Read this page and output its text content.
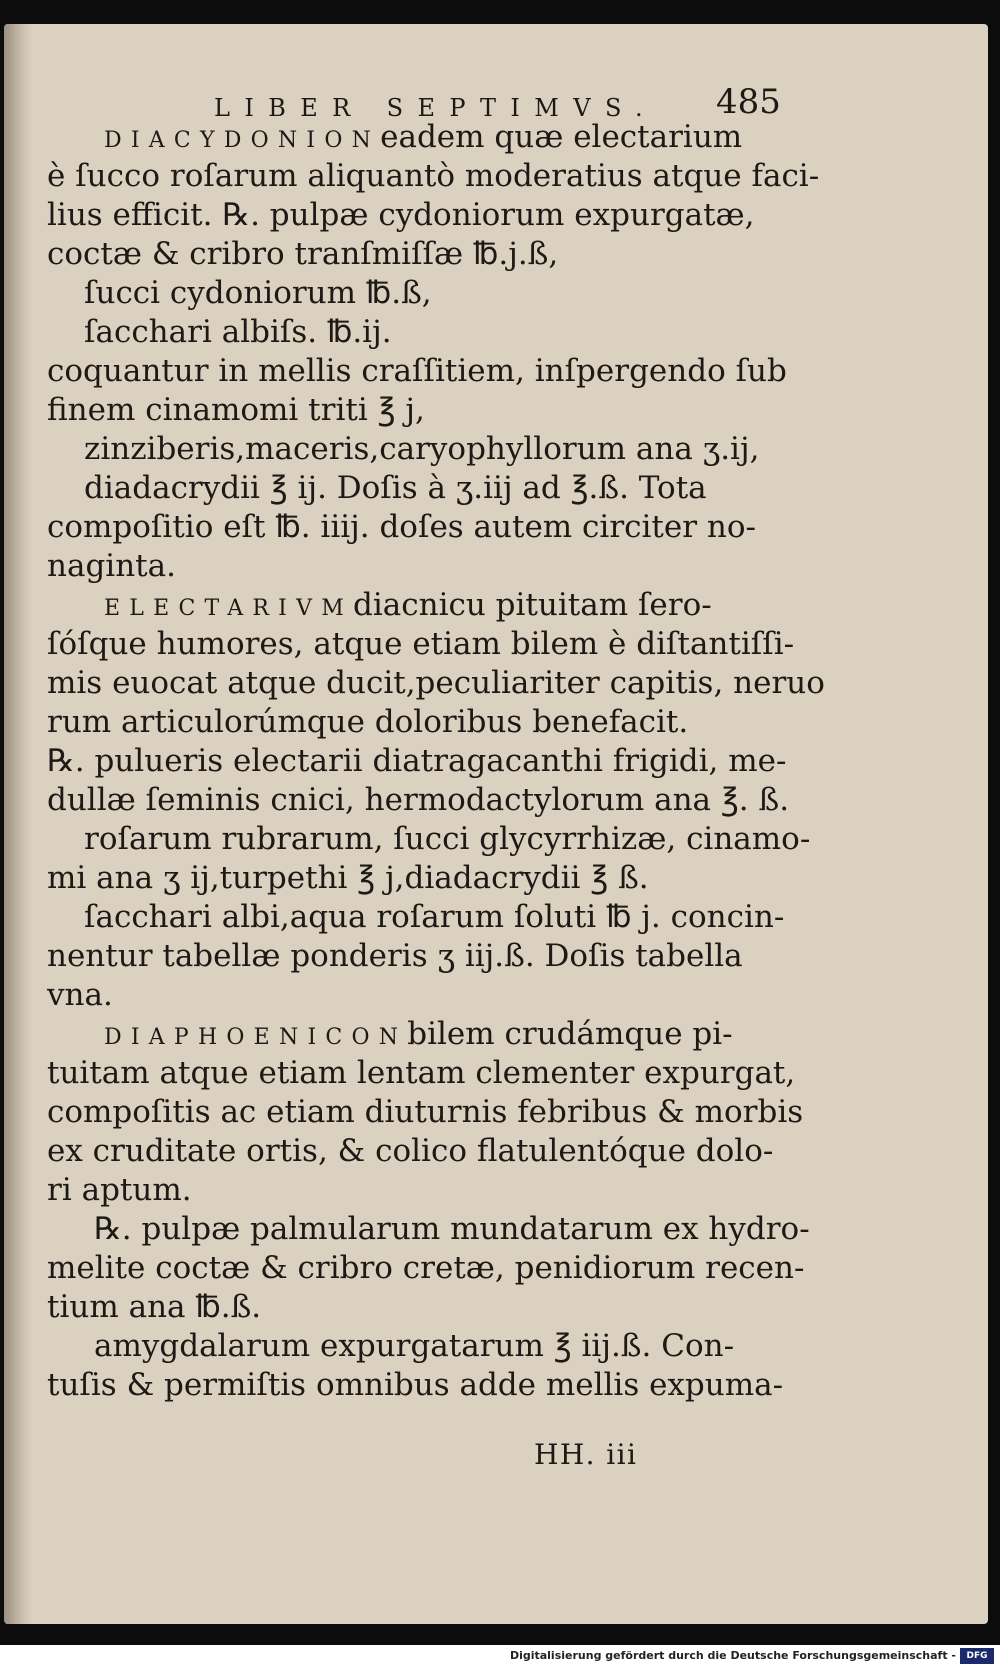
LIBER SEPTIMVS. 485
DIACYDONIONeadem quæ electarium
è ſucco roſarum aliquantò moderatius atque faci-
lius efficit. ℞. pulpæ cydoniorum expurgatæ,
coctæ & cribro tranſmiſſæ ℔.j.ß,
ſucci cydoniorum ℔.ß,
ſacchari albiſs. ℔.ij.
coquantur in mellis craſſitiem, inſpergendo ſub
finem cinamomi triti ℥ j,
zinziberis,maceris,caryophyllorum ana ʒ.ij,
diadacrydii ℥ ij. Doſis à ʒ.iij ad ℥.ß. Tota
compoſitio eſt ℔. iiij. doſes autem circiter no-
naginta.
ELECTARIVMdiacnicu pituitam ſero-
ſóſque humores, atque etiam bilem è diſtantiſſi-
mis euocat atque ducit,peculiariter capitis, neruo
rum articulorúmque doloribus benefacit.
℞. pulueris electarii diatragacanthi frigidi, me-
dullæ ſeminis cnici, hermodactylorum ana ℥. ß.
roſarum rubrarum, ſucci glycyrrhizæ, cinamo-
mi ana ʒ ij,turpethi ℥ j,diadacrydii ℥ ß.
ſacchari albi,aqua roſarum ſoluti ℔ j. concin-
nentur tabellæ ponderis ʒ iij.ß. Doſis tabella
vna.
DIAPHOENICONbilem crudámque pi-
tuitam atque etiam lentam clementer expurgat,
compoſitis ac etiam diuturnis febribus & morbis
ex cruditate ortis, & colico flatulentóque dolo-
ri aptum.
℞. pulpæ palmularum mundatarum ex hydro-
melite coctæ & cribro cretæ, penidiorum recen-
tium ana ℔.ß.
amygdalarum expurgatarum ℥ iij.ß. Con-
tuſis & permiſtis omnibus adde mellis expuma-
HH. iii
Digitalisierung gefördert durch die Deutsche Forschungsgemeinschaft -	DFG
